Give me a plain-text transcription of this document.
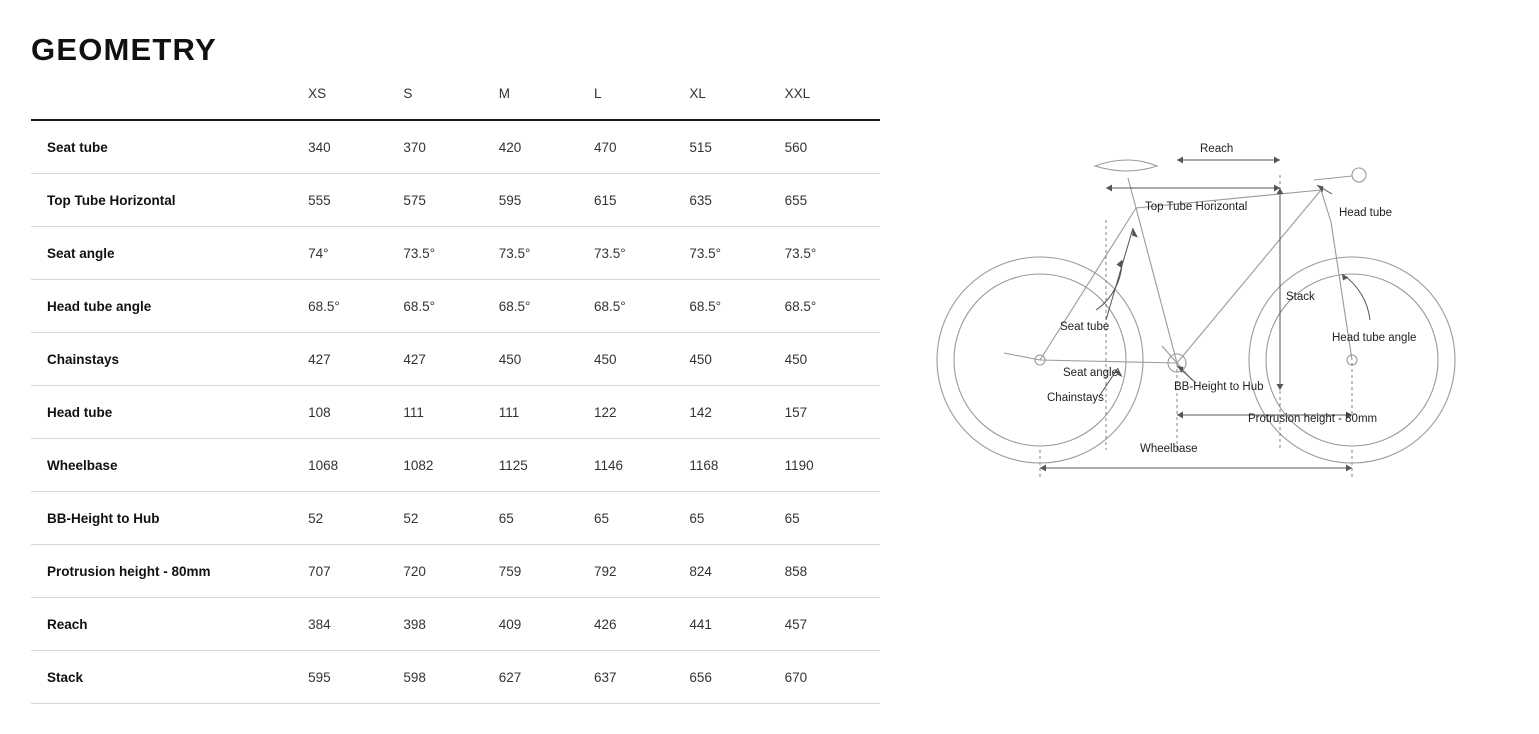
GEOMETRY
	XS	S	M	L	XL	XXL
Seat tube	340	370	420	470	515	560
Top Tube Horizontal	555	575	595	615	635	655
Seat angle	74°	73.5°	73.5°	73.5°	73.5°	73.5°
Head tube angle	68.5°	68.5°	68.5°	68.5°	68.5°	68.5°
Chainstays	427	427	450	450	450	450
Head tube	108	111	111	122	142	157
Wheelbase	1068	1082	1125	1146	1168	1190
BB-Height to Hub	52	52	65	65	65	65
Protrusion height - 80mm	707	720	759	792	824	858
Reach	384	398	409	426	441	457
Stack	595	598	627	637	656	670
Reach
Top Tube Horizontal	Head tube
Stack
Seat tube
Head tube angle
Seat angle
BB-Height to Hub
Chainstays
Protrusion height - 80mm
Wheelbase
